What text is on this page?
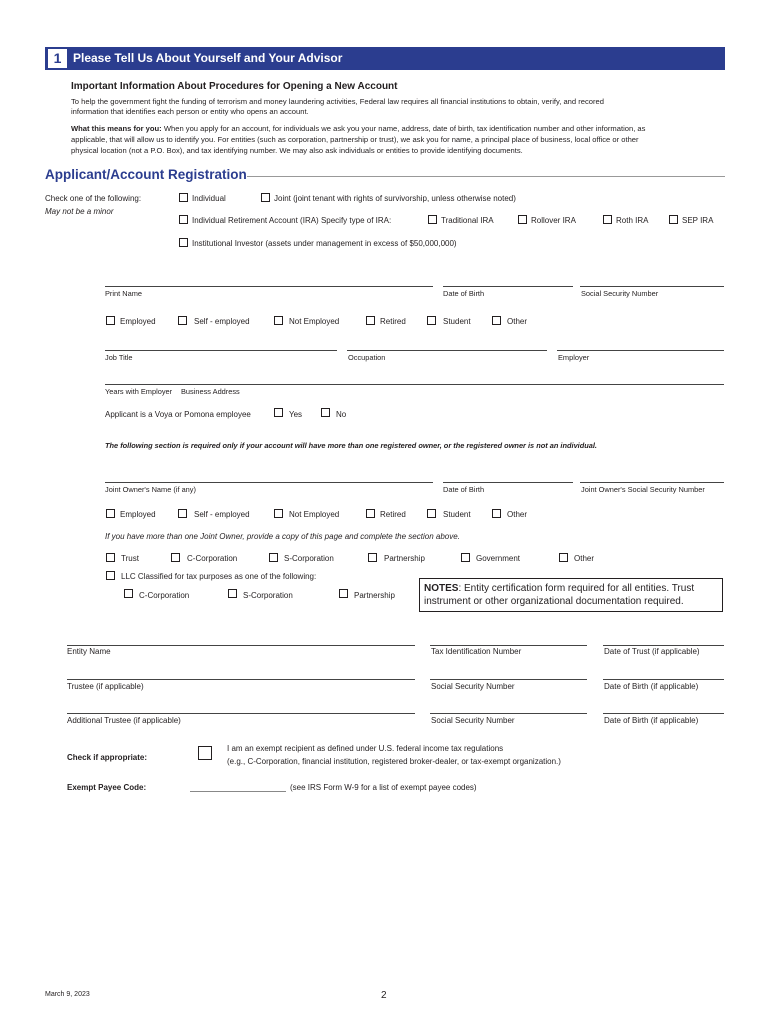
1 Please Tell Us About Yourself and Your Advisor
Important Information About Procedures for Opening a New Account
To help the government fight the funding of terrorism and money laundering activities, Federal law requires all financial institutions to obtain, verify, and recored
information that identifies each person or entity who opens an account.
What this means for you: When you apply for an account, for individuals we ask you your name, address, date of birth, tax identification number and other information, as
applicable, that will allow us to identify you. For entities (such as corporation, partnership or trust), we ask you for name, a principal place of business, local office or other
physical location (not a P.O. Box), and tax identifying number. We may also ask individuals or entities to provide identifying documents.
Applicant/Account Registration
Check one of the following:
May not be a minor
Individual	Joint (joint tenant with rights of survivorship, unless otherwise noted)
Individual Retirement Account (IRA) Specify type of IRA:	Traditional IRA	Rollover IRA	Roth IRA	SEP IRA
Institutional Investor (assets under management in excess of $50,000,000)
Print Name	Date of Birth	Social Security Number
Employed	Self - employed	Not Employed	Retired	Student	Other
Job Title	Occupation	Employer
Years with Employer Business Address
Applicant is a Voya or Pomona employee	Yes	No
The following section is required only if your account will have more than one registered owner, or the registered owner is not an individual.
Joint Owner's Name (if any)	Date of Birth	Joint Owner's Social Security Number
Employed	Self - employed	Not Employed	Retired	Student	Other
If you have more than one Joint Owner, provide a copy of this page and complete the section above.
Trust	C-Corporation	S-Corporation	Partnership	Government	Other
LLC Classified for tax purposes as one of the following:
C-Corporation	S-Corporation	Partnership
NOTES: Entity certification form required for all entities. Trust
instrument or other organizational documentation required.
Entity Name	Tax Identification Number	Date of Trust (if applicable)
Trustee (if applicable)	Social Security Number	Date of Birth (if applicable)
Additional Trustee (if applicable)	Social Security Number	Date of Birth (if applicable)
Check if appropriate:
I am an exempt recipient as defined under U.S. federal income tax regulations
(e.g., C-Corporation, financial institution, registered broker-dealer, or tax-exempt organization.)
Exempt Payee Code:	(see IRS Form W-9 for a list of exempt payee codes)
March 9, 2023	2
